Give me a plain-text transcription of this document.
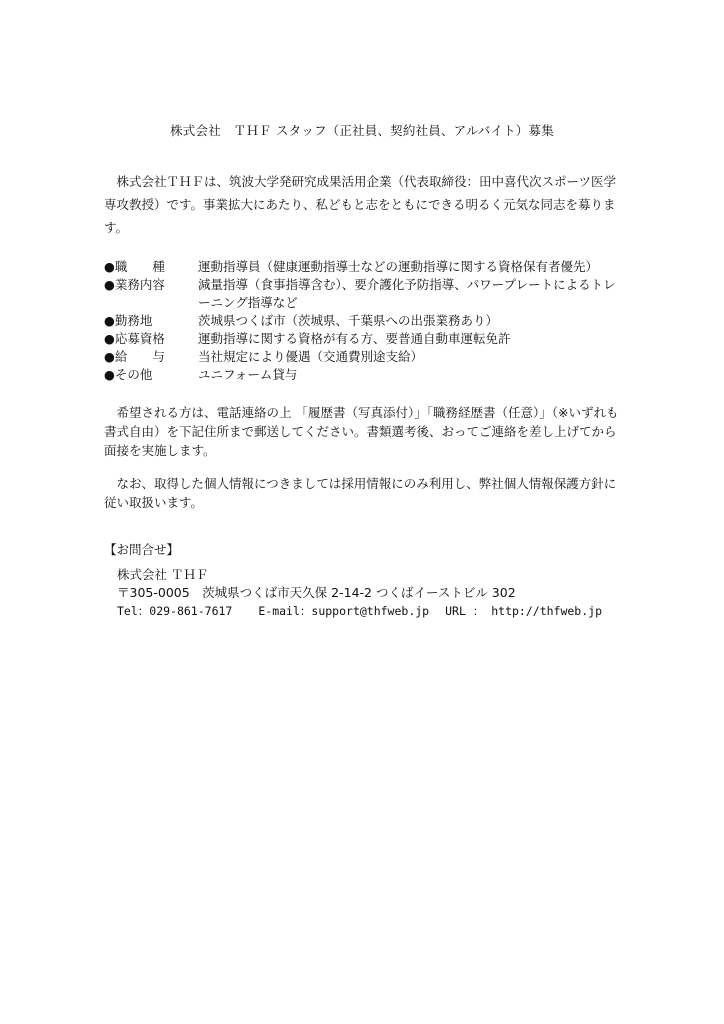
株式会社　ＴＨＦ スタッフ（正社員、契約社員、アルバイト）募集
株式会社ＴＨＦは、筑波大学発研究成果活用企業（代表取締役：田中喜代次スポーツ医学専攻教授）です。事業拡大にあたり、私どもと志をともにできる明るく元気な同志を募ります。
●職　　種	運動指導員（健康運動指導士などの運動指導に関する資格保有者優先）
●業務内容	減量指導（食事指導含む）、要介護化予防指導、パワープレートによるトレーニング指導など
●勤務地	茨城県つくば市（茨城県、千葉県への出張業務あり）
●応募資格	運動指導に関する資格が有る方、要普通自動車運転免許
●給　　与	当社規定により優遇（交通費別途支給）
●その他	ユニフォーム貸与
希望される方は、電話連絡の上 「履歴書（写真添付）」「職務経歴書（任意）」（※いずれも書式自由）を下記住所まで郵送してください。書類選考後、おってご連絡を差し上げてから面接を実施します。
なお、取得した個人情報につきましては採用情報にのみ利用し、弊社個人情報保護方針に従い取扱います。
【お問合せ】
株式会社 ＴＨＦ
〒305-0005　茨城県つくば市天久保 2-14-2 つくばイーストビル 302
Tel：029-861-7617 E-mail：support@thfweb.jp URL ： http://thfweb.jp
